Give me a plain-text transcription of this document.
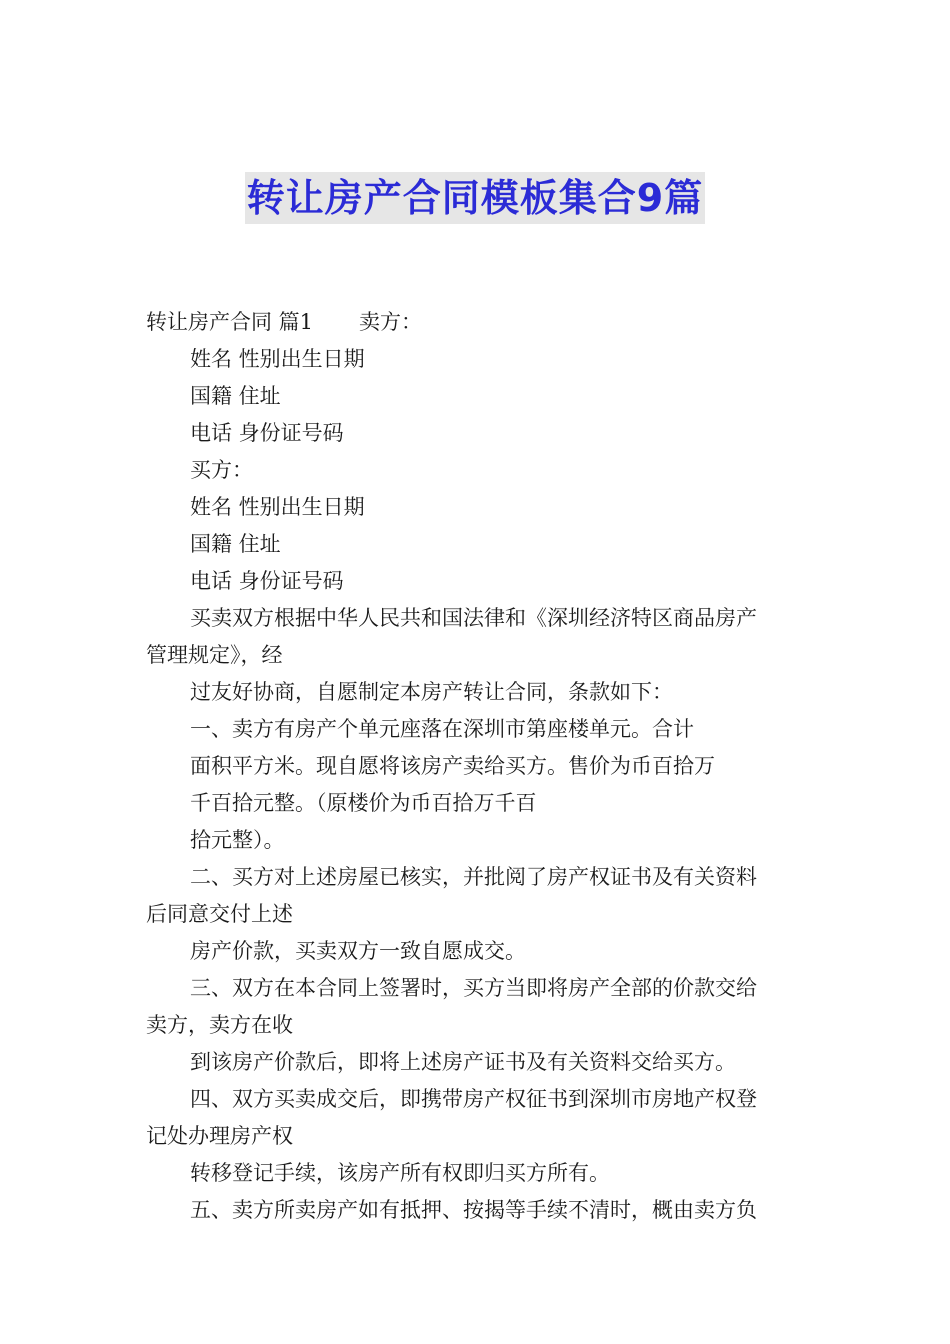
转让房产合同模板集合9篇
转让房产合同 篇1 卖方：
姓名 性别出生日期
国籍 住址
电话 身份证号码
买方：
姓名 性别出生日期
国籍 住址
电话 身份证号码
买卖双方根据中华人民共和国法律和《深圳经济特区商品房产
管理规定》，经
过友好协商，自愿制定本房产转让合同，条款如下：
一、卖方有房产个单元座落在深圳市第座楼单元。合计
面积平方米。现自愿将该房产卖给买方。售价为币百拾万
千百拾元整。（原楼价为币百拾万千百
拾元整）。
二、买方对上述房屋已核实，并批阅了房产权证书及有关资料
后同意交付上述
房产价款，买卖双方一致自愿成交。
三、双方在本合同上签署时，买方当即将房产全部的价款交给
卖方，卖方在收
到该房产价款后，即将上述房产证书及有关资料交给买方。
四、双方买卖成交后，即携带房产权征书到深圳市房地产权登
记处办理房产权
转移登记手续，该房产所有权即归买方所有。
五、卖方所卖房产如有抵押、按揭等手续不清时，概由卖方负
